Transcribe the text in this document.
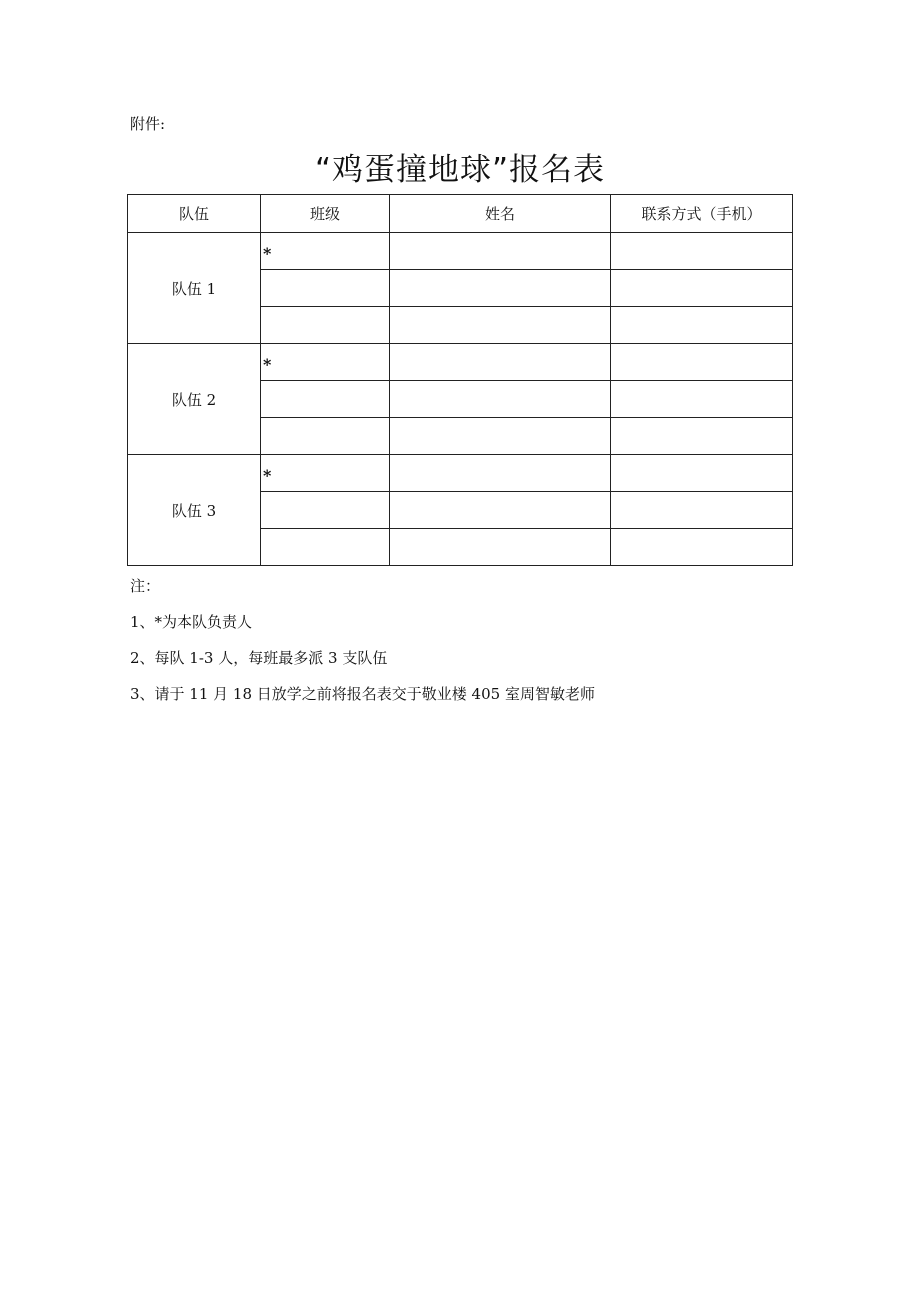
附件:
“鸡蛋撞地球”报名表
队伍	班级	姓名	联系方式（手机）
队伍 1	*		

队伍 2	*		

队伍 3	*		

注：
1、*为本队负责人
2、每队 1-3 人，每班最多派 3 支队伍
3、请于 11 月 18 日放学之前将报名表交于敬业楼 405 室周智敏老师
